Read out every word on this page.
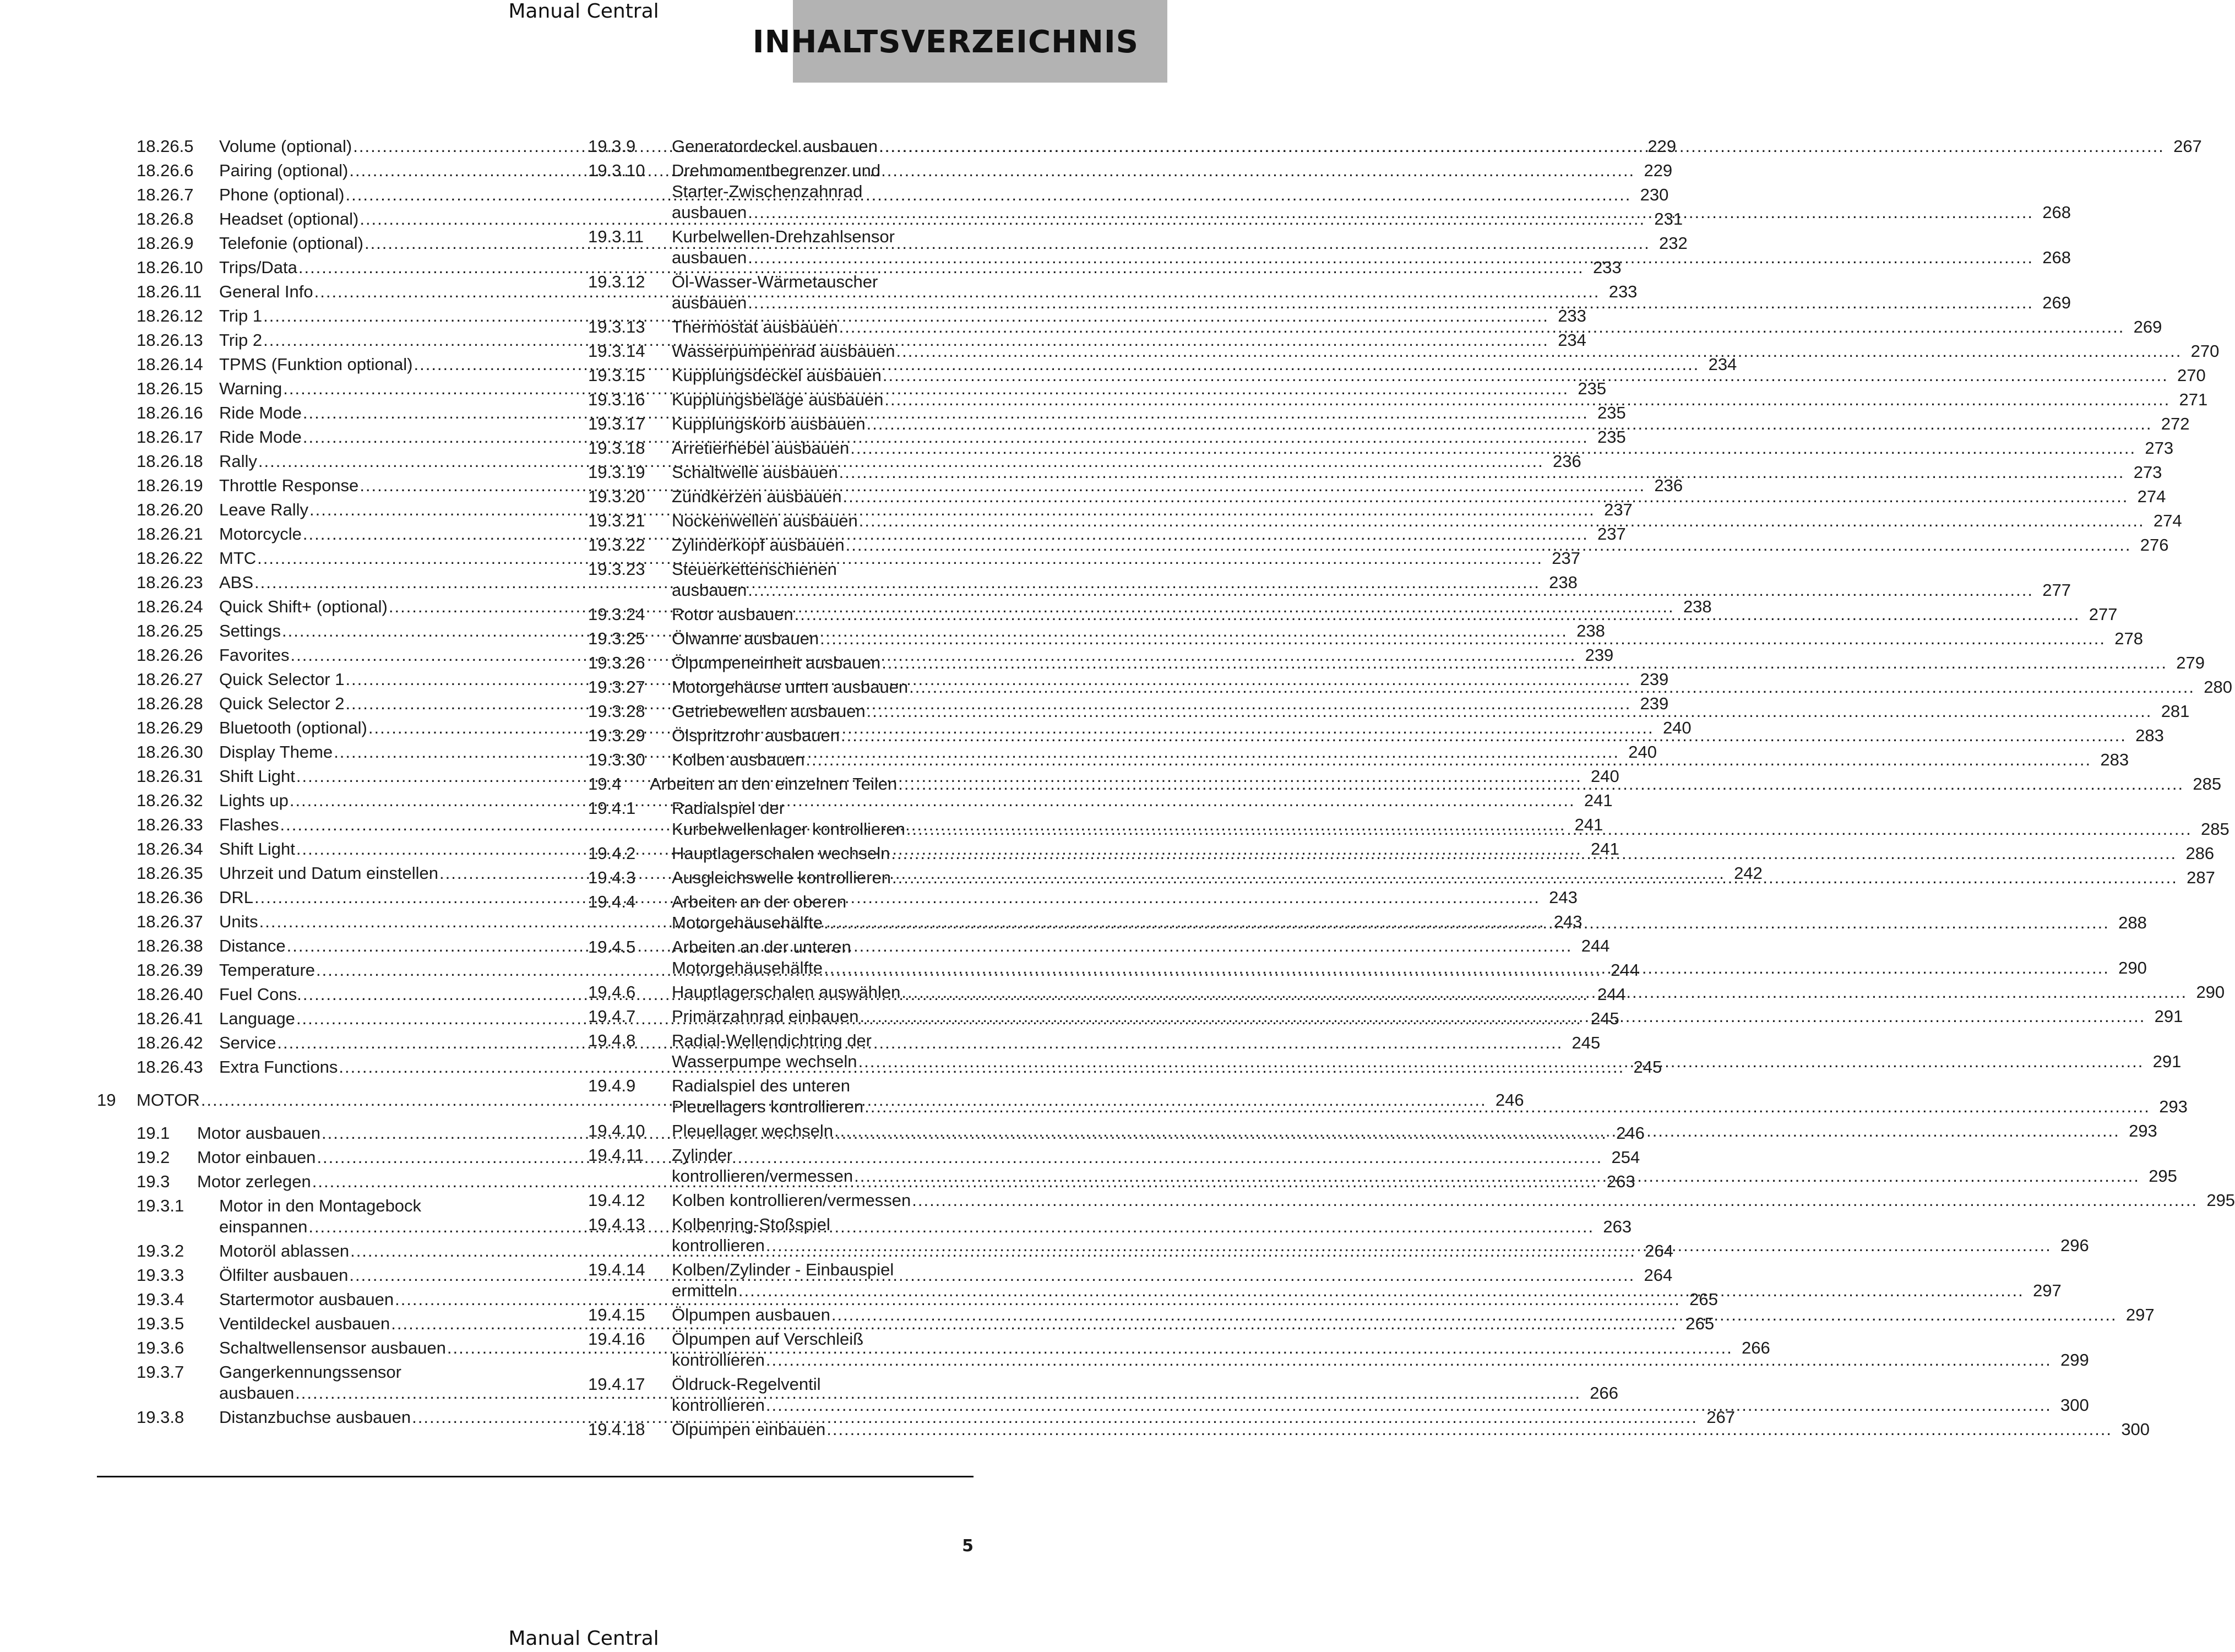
Manual Central
INHALTSVERZEICHNIS
18.26.5	Volume (optional) .....	229
18.26.6	Pairing (optional) .....	229
18.26.7	Phone (optional) .....	230
18.26.8	Headset (optional) .....	231
18.26.9	Telefonie (optional) .....	232
18.26.10 Trips/Data .....	233
18.26.11	General Info .....	233
18.26.12 Trip 1 .....	233
18.26.13 Trip 2 .....	234
18.26.14 TPMS (Funktion optional) .....	234
18.26.15 Warning .....	235
18.26.16 Ride Mode .....	235
18.26.17 Ride Mode .....	235
18.26.18 Rally .....	236
18.26.19 Throttle Response .....	236
18.26.20 Leave Rally .....	237
18.26.21 Motorcycle .....	237
18.26.22 MTC .....	237
18.26.23 ABS .....	238
18.26.24 Quick Shift+ (optional) .....	238
18.26.25 Settings .....	238
18.26.26 Favorites .....	239
18.26.27 Quick Selector 1 .....	239
18.26.28 Quick Selector 2 .....	239
18.26.29 Bluetooth (optional) .....	240
18.26.30 Display Theme .....	240
18.26.31 Shift Light .....	240
18.26.32 Lights up .....	241
18.26.33 Flashes .....	241
18.26.34 Shift Light .....	241
18.26.35 Uhrzeit und Datum einstellen .....	242
18.26.36 DRL .....	243
18.26.37 Units .....	243
18.26.38 Distance .....	244
18.26.39 Temperature .....	244
18.26.40 Fuel Cons. .....	244
18.26.41 Language .....	245
18.26.42 Service .....	245
18.26.43 Extra Functions .....	245
19	MOTOR .....	246
19.1	Motor ausbauen .....	246
19.2	Motor einbauen .....	254
19.3	Motor zerlegen .....	263
19.3.1	Motor in den Montagebock
einspannen .....	263
19.3.2	Motoröl ablassen .....	264
19.3.3	Ölfilter ausbauen .....	264
19.3.4	Startermotor ausbauen .....	265
19.3.5	Ventildeckel ausbauen .....	265
19.3.6	Schaltwellensensor ausbauen .....	266
19.3.7	Gangerkennungssensor
ausbauen .....	266
19.3.8	Distanzbuchse ausbauen .....	267
19.3.9	Generatordeckel ausbauen .....	267
19.3.10	Drehmomentbegrenzer und
Starter-Zwischenzahnrad
ausbauen .....	268
19.3.11	Kurbelwellen-Drehzahlsensor
ausbauen .....	268
19.3.12	Öl-Wasser-Wärmetauscher
ausbauen .....	269
19.3.13	Thermostat ausbauen .....	269
19.3.14	Wasserpumpenrad ausbauen .....	270
19.3.15	Kupplungsdeckel ausbauen .....	270
19.3.16	Kupplungsbeläge ausbauen .....	271
19.3.17	Kupplungskorb ausbauen .....	272
19.3.18	Arretierhebel ausbauen .....	273
19.3.19	Schaltwelle ausbauen .....	273
19.3.20	Zündkerzen ausbauen .....	274
19.3.21	Nockenwellen ausbauen .....	274
19.3.22	Zylinderkopf ausbauen .....	276
19.3.23	Steuerkettenschienen
ausbauen .....	277
19.3.24	Rotor ausbauen .....	277
19.3.25	Ölwanne ausbauen .....	278
19.3.26	Ölpumpeneinheit ausbauen .....	279
19.3.27	Motorgehäuse unten ausbauen .....	280
19.3.28	Getriebewellen ausbauen .....	281
19.3.29	Ölspritzrohr ausbauen .....	283
19.3.30	Kolben ausbauen .....	283
19.4	Arbeiten an den einzelnen Teilen .....	285
19.4.1	Radialspiel der
Kurbelwellenlager kontrollieren .....	285
19.4.2	Hauptlagerschalen wechseln .....	286
19.4.3	Ausgleichswelle kontrollieren .....	287
19.4.4	Arbeiten an der oberen
Motorgehäusehälfte .....	288
19.4.5	Arbeiten an der unteren
Motorgehäusehälfte .....	290
19.4.6	Hauptlagerschalen auswählen .....	290
19.4.7	Primärzahnrad einbauen .....	291
19.4.8	Radial-Wellendichtring der
Wasserpumpe wechseln .....	291
19.4.9	Radialspiel des unteren
Pleuellagers kontrollieren .....	293
19.4.10	Pleuellager wechseln .....	293
19.4.11	Zylinder
kontrollieren/vermessen .....	295
19.4.12	Kolben kontrollieren/vermessen .....	295
19.4.13	Kolbenring-Stoßspiel
kontrollieren .....	296
19.4.14	Kolben/Zylinder - Einbauspiel
ermitteln .....	297
19.4.15	Ölpumpen ausbauen .....	297
19.4.16	Ölpumpen auf Verschleiß
kontrollieren .....	299
19.4.17	Öldruck-Regelventil
kontrollieren .....	300
19.4.18	Ölpumpen einbauen .....	300
5
Manual Central
